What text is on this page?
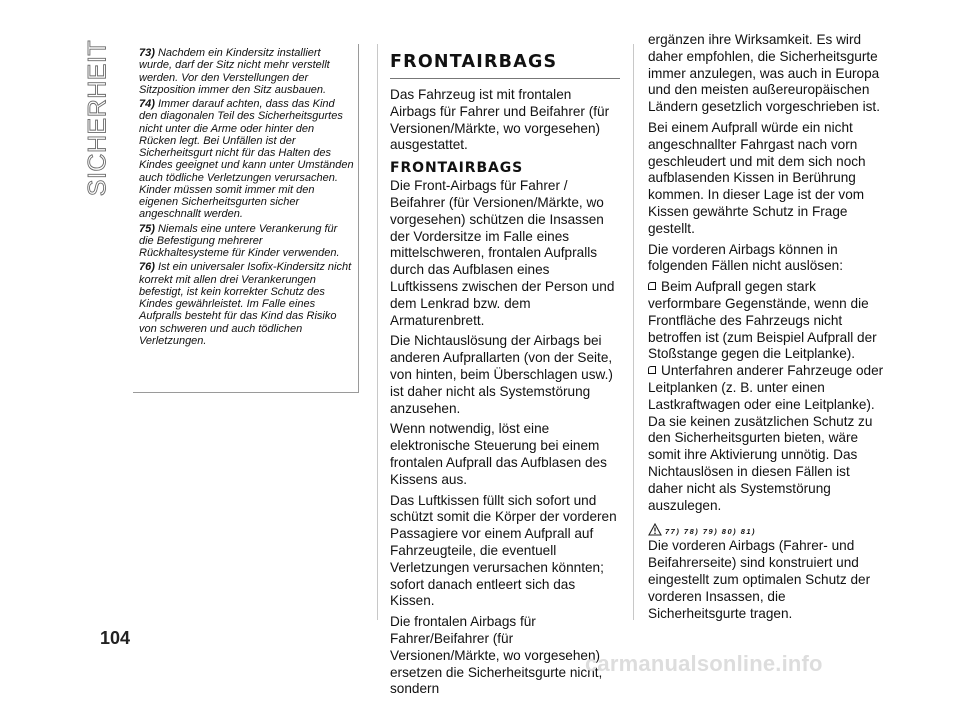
SICHERHEIT	73) Nachdem ein Kindersitz installiert wurde, darf der Sitz nicht mehr verstellt werden. Vor den Verstellungen der Sitzposition immer den Sitz ausbauen.

74) Immer darauf achten, dass das Kind den diagonalen Teil des Sicherheitsgurtes nicht unter die Arme oder hinter den Rücken legt. Bei Unfällen ist der Sicherheitsgurt nicht für das Halten des Kindes geeignet und kann unter Umständen auch tödliche Verletzungen verursachen. Kinder müssen somit immer mit den eigenen Sicherheitsgurten sicher angeschnallt werden.

75) Niemals eine untere Verankerung für die Befestigung mehrerer Rückhaltesysteme für Kinder verwenden.

76) Ist ein universaler Isofix-Kindersitz nicht korrekt mit allen drei Verankerungen befestigt, ist kein korrekter Schutz des Kindes gewährleistet. Im Falle eines Aufpralls besteht für das Kind das Risiko von schweren und auch tödlichen Verletzungen.

FRONTAIRBAGS

Das Fahrzeug ist mit frontalen Airbags für Fahrer und Beifahrer (für Versionen/Märkte, wo vorgesehen) ausgestattet.

FRONTAIRBAGS

Die Front-Airbags für Fahrer / Beifahrer (für Versionen/Märkte, wo vorgesehen) schützen die Insassen der Vordersitze im Falle eines mittelschweren, frontalen Aufpralls durch das Aufblasen eines Luftkissens zwischen der Person und dem Lenkrad bzw. dem Armaturenbrett.

Die Nichtauslösung der Airbags bei anderen Aufprallarten (von der Seite, von hinten, beim Überschlagen usw.) ist daher nicht als Systemstörung anzusehen.

Wenn notwendig, löst eine elektronische Steuerung bei einem frontalen Aufprall das Aufblasen des Kissens aus.

Das Luftkissen füllt sich sofort und schützt somit die Körper der vorderen Passagiere vor einem Aufprall auf Fahrzeugteile, die eventuell Verletzungen verursachen könnten; sofort danach entleert sich das Kissen.

Die frontalen Airbags für Fahrer/Beifahrer (für Versionen/Märkte, wo vorgesehen) ersetzen die Sicherheitsgurte nicht, sondern

ergänzen ihre Wirksamkeit. Es wird daher empfohlen, die Sicherheitsgurte immer anzulegen, was auch in Europa und den meisten außereuropäischen Ländern gesetzlich vorgeschrieben ist.

Bei einem Aufprall würde ein nicht angeschnallter Fahrgast nach vorn geschleudert und mit dem sich noch aufblasenden Kissen in Berührung kommen. In dieser Lage ist der vom Kissen gewährte Schutz in Frage gestellt.

Die vorderen Airbags können in folgenden Fällen nicht auslösen:

Beim Aufprall gegen stark verformbare Gegenstände, wenn die Frontfläche des Fahrzeugs nicht betroffen ist (zum Beispiel Aufprall der Stoßstange gegen die Leitplanke).

Unterfahren anderer Fahrzeuge oder Leitplanken (z. B. unter einen Lastkraftwagen oder eine Leitplanke). Da sie keinen zusätzlichen Schutz zu den Sicherheitsgurten bieten, wäre somit ihre Aktivierung unnötig. Das Nichtauslösen in diesen Fällen ist daher nicht als Systemstörung auszulegen.

77) 78) 79) 80) 81)

Die vorderen Airbags (Fahrer- und Beifahrerseite) sind konstruiert und eingestellt zum optimalen Schutz der vorderen Insassen, die Sicherheitsgurte tragen.

104
carmanualsonline.info
